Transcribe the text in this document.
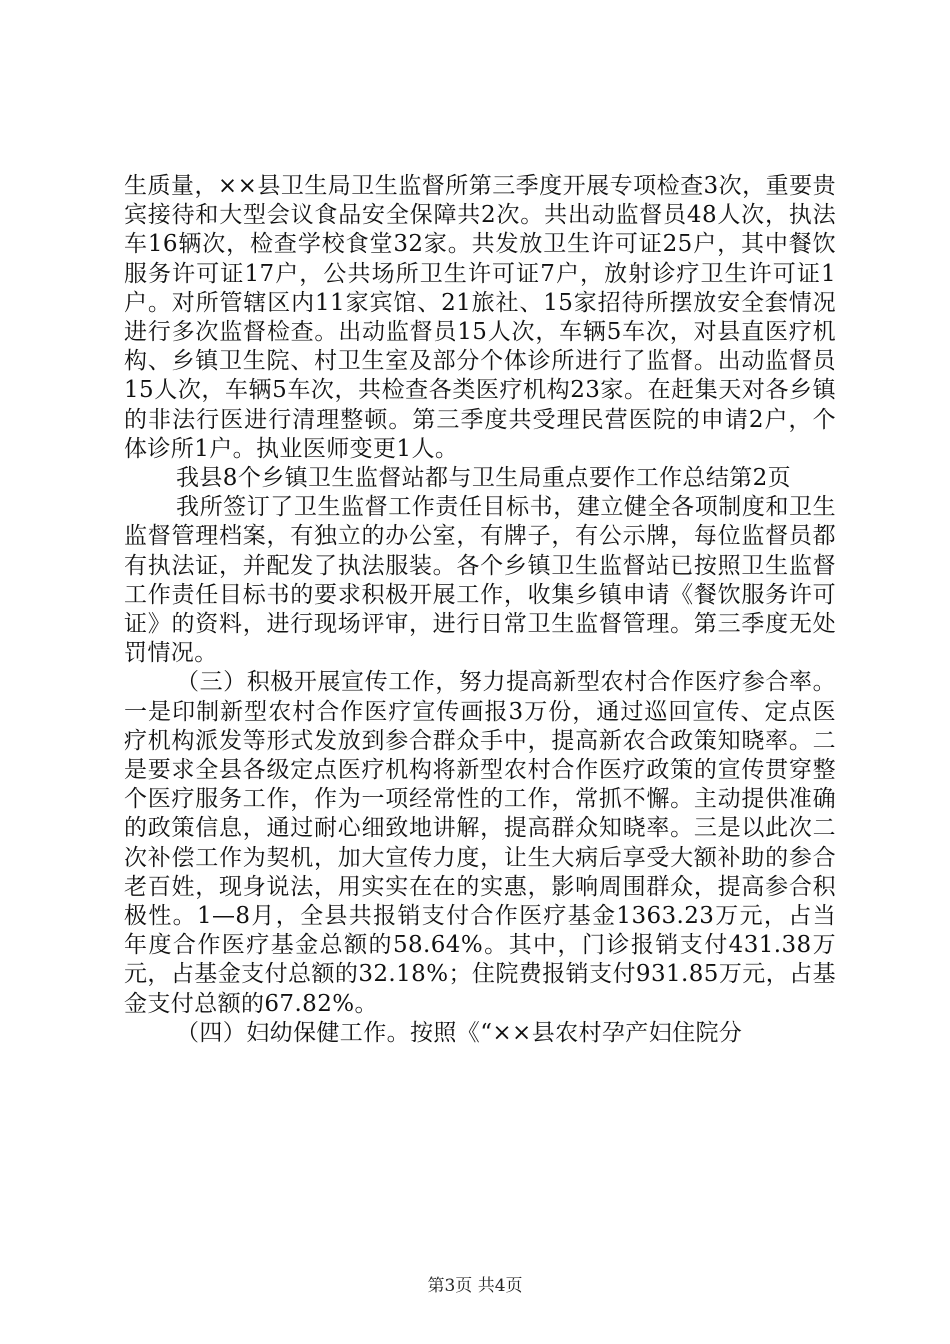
生质量，××县卫生局卫生监督所第三季度开展专项检查3次，重要贵宾接待和大型会议食品安全保障共2次。共出动监督员48人次，执法车16辆次，检查学校食堂32家。共发放卫生许可证25户，其中餐饮服务许可证17户，公共场所卫生许可证7户，放射诊疗卫生许可证1户。对所管辖区内11家宾馆、21旅社、15家招待所摆放安全套情况进行多次监督检查。出动监督员15人次，车辆5车次，对县直医疗机构、乡镇卫生院、村卫生室及部分个体诊所进行了监督。出动监督员15人次，车辆5车次，共检查各类医疗机构23家。在赶集天对各乡镇的非法行医进行清理整顿。第三季度共受理民营医院的申请2户，个体诊所1户。执业医师变更1人。

我县8个乡镇卫生监督站都与卫生局重点要作工作总结第2页

我所签订了卫生监督工作责任目标书，建立健全各项制度和卫生监督管理档案，有独立的办公室，有牌子，有公示牌，每位监督员都有执法证，并配发了执法服装。各个乡镇卫生监督站已按照卫生监督工作责任目标书的要求积极开展工作，收集乡镇申请《餐饮服务许可证》的资料，进行现场评审，进行日常卫生监督管理。第三季度无处罚情况。

（三）积极开展宣传工作，努力提高新型农村合作医疗参合率。一是印制新型农村合作医疗宣传画报3万份，通过巡回宣传、定点医疗机构派发等形式发放到参合群众手中，提高新农合政策知晓率。二是要求全县各级定点医疗机构将新型农村合作医疗政策的宣传贯穿整个医疗服务工作，作为一项经常性的工作，常抓不懈。主动提供准确的政策信息，通过耐心细致地讲解，提高群众知晓率。三是以此次二次补偿工作为契机，加大宣传力度，让生大病后享受大额补助的参合老百姓，现身说法，用实实在在的实惠，影响周围群众，提高参合积极性。1—8月，全县共报销支付合作医疗基金1363.23万元，占当年度合作医疗基金总额的58.64%。其中，门诊报销支付431.38万元，占基金支付总额的32.18%；住院费报销支付931.85万元，占基金支付总额的67.82%。

（四）妇幼保健工作。按照《“××县农村孕产妇住院分

第3页 共4页
